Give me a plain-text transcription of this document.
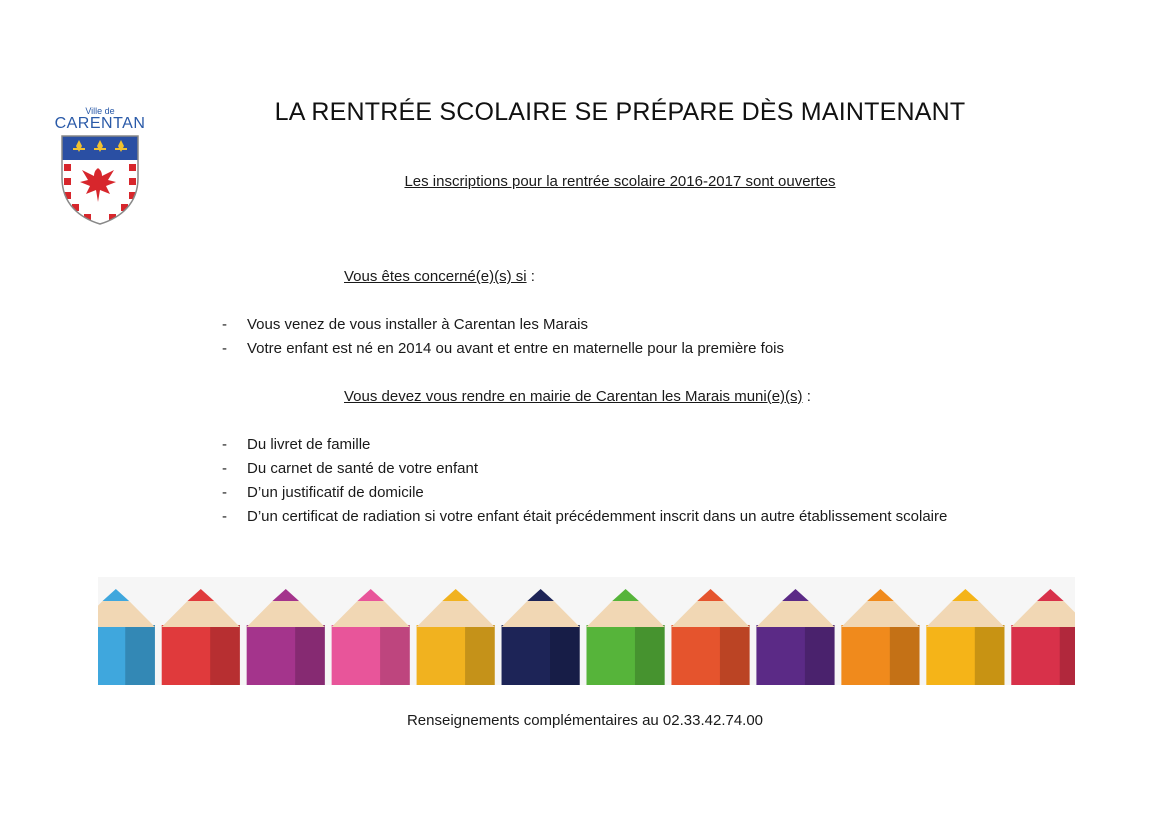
Ville de
CARENTAN	LA RENTRÉE SCOLAIRE SE PRÉPARE DÈS MAINTENANT
Les inscriptions pour la rentrée scolaire 2016-2017 sont ouvertes
Vous êtes concerné(e)(s) si :
- Vous venez de vous installer à Carentan les Marais
- Votre enfant est né en 2014 ou avant et entre en maternelle pour la première fois
Vous devez vous rendre en mairie de Carentan les Marais muni(e)(s) :
- Du livret de famille
- Du carnet de santé de votre enfant
- D’un justificatif de domicile
- D’un certificat de radiation si votre enfant était précédemment inscrit dans un autre établissement scolaire
Renseignements complémentaires au 02.33.42.74.00
